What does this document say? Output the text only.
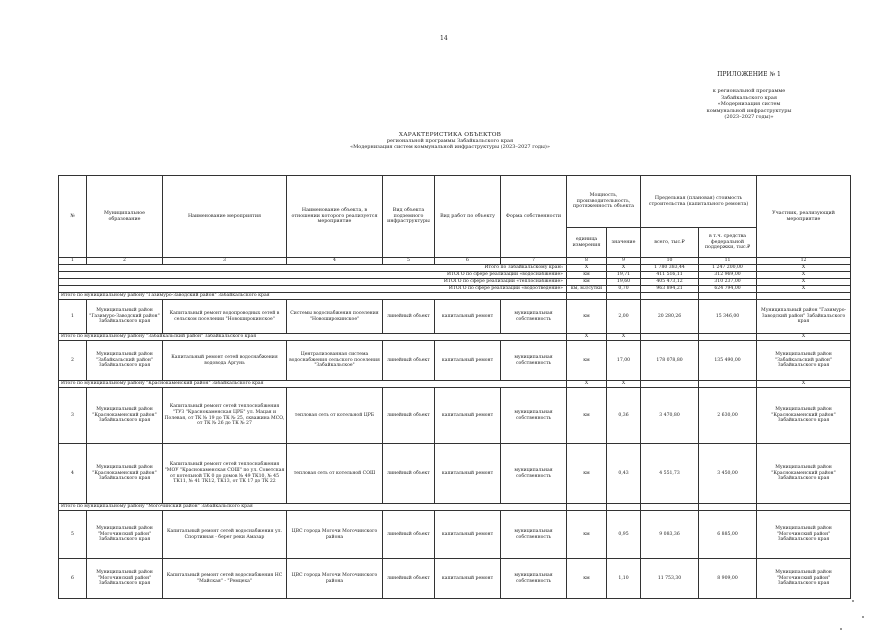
14
ПРИЛОЖЕНИЕ № 1
к региональной программе
Забайкальского края
«Модернизация систем
коммунальной инфраструктуры
(2023–2027 годы)»
ХАРАКТЕРИСТИКА ОБЪЕКТОВ
региональной программы Забайкальского края
«Модернизация систем коммунальной инфраструктуры (2023–2027 годы)»
№	Муниципальное образование	Наименование мероприятия	Наименование объекта, в отношении которого реализуется мероприятие	Вид объекта подземного инфраструктуры	Вид работ по объекту	Форма собственности	Мощность, производительность, протяженность объекта		Предельная (плановая) стоимость строительства (капитального ремонта)		Участник, реализующий мероприятие
							единица измерения	значение	всего, тыс.₽	в т.ч. средства федеральной поддержки, тыс.₽	
1	2	3	4	5	6	7	8	9	10	11	12
Итого по Забайкальскому краю:							X	X	1 780 383,44	1 247 200,00	X
ИТОГО по сфере реализации «водоснабжение»							км	19,71	411 516,11	312 969,00	X
ИТОГО по сфере реализации «теплоснабжение»							км	19,60	405 473,12	310 237,00	X
ИТОГО по сфере реализации «водоотведение»							км, м3/сутки	0,70	963 894,21	624 794,00	X
Итого по муниципальному району "Газимуро-Заводский район" Забайкальского края											
1	Муниципальный район "Газимуро-Заводский район" Забайкальского края	Капитальный ремонт водопроводных сетей в сельском поселении "Новоширокинское"	Системы водоснабжения поселения "Новоширокинское"	линейный объект	капитальный ремонт	муниципальная собственность	км	2,00	20 280,26	15 346,00	Муниципальный район "Газимуро-Заводский район" Забайкальского края
Итого по муниципальному району "Забайкальский район" Забайкальского края							X	X			X
2	Муниципальный район "Забайкальский район" Забайкальского края	Капитальный ремонт сетей водоснабжения водовода Аргунь	Централизованная система водоснабжения сельского поселения "Забайкальское"	линейный объект	капитальный ремонт	муниципальная собственность	км	17,00	178 078,80	135 490,00	Муниципальный район "Забайкальский район" Забайкальского края
Итого по муниципальному району "Краснокаменский район" Забайкальского края							X	X			X
3	Муниципальный район "Краснокаменский район" Забайкальского края	Капитальный ремонт сетей теплоснабжения "ТУЗ "Краснокаменская ЦРБ" ул. Мацая и Полевая, от ТК № 19 до ТК № 25, скважина МСО, от ТК № 26 до ТК № 27	тепловая сеть от котельной ЦРБ	линейный объект	капитальный ремонт	муниципальная собственность	км	0,36	3 470,80	2 630,00	Муниципальный район "Краснокаменский район" Забайкальского края
4	Муниципальный район "Краснокаменский район" Забайкальского края	Капитальный ремонт сетей теплоснабжения "МОУ "Краснокаменская СОШ" по ул. Советская от котельной ТК 0 до домов № 49 ТК10, № 45 ТК11, № 41 ТК12, ТК13, от ТК 17 до ТК 22	тепловая сеть от котельной СОШ	линейный объект	капитальный ремонт	муниципальная собственность	км	0,43	4 551,73	3 450,00	Муниципальный район "Краснокаменский район" Забайкальского края
Итого по муниципальному району "Могочинский район" Забайкальского края											
5	Муниципальный район "Могочинский район" Забайкальского края	Капитальный ремонт сетей водоснабжения ул. Спортивная - берег реки Амазар	ЦВС города Могочи Могочинского района	линейный объект	капитальный ремонт	муниципальная собственность	км	0,95	9 083,36	6 885,00	Муниципальный район "Могочинский район" Забайкальского края
6	Муниципальный район "Могочинский район" Забайкальского края	Капитальный ремонт сетей водоснабжения НС "Майская" - "Ремцеха"	ЦВС города Могочи Могочинского района	линейный объект	капитальный ремонт	муниципальная собственность	км	1,10	11 753,30	8 909,00	Муниципальный район "Могочинский район" Забайкальского края
